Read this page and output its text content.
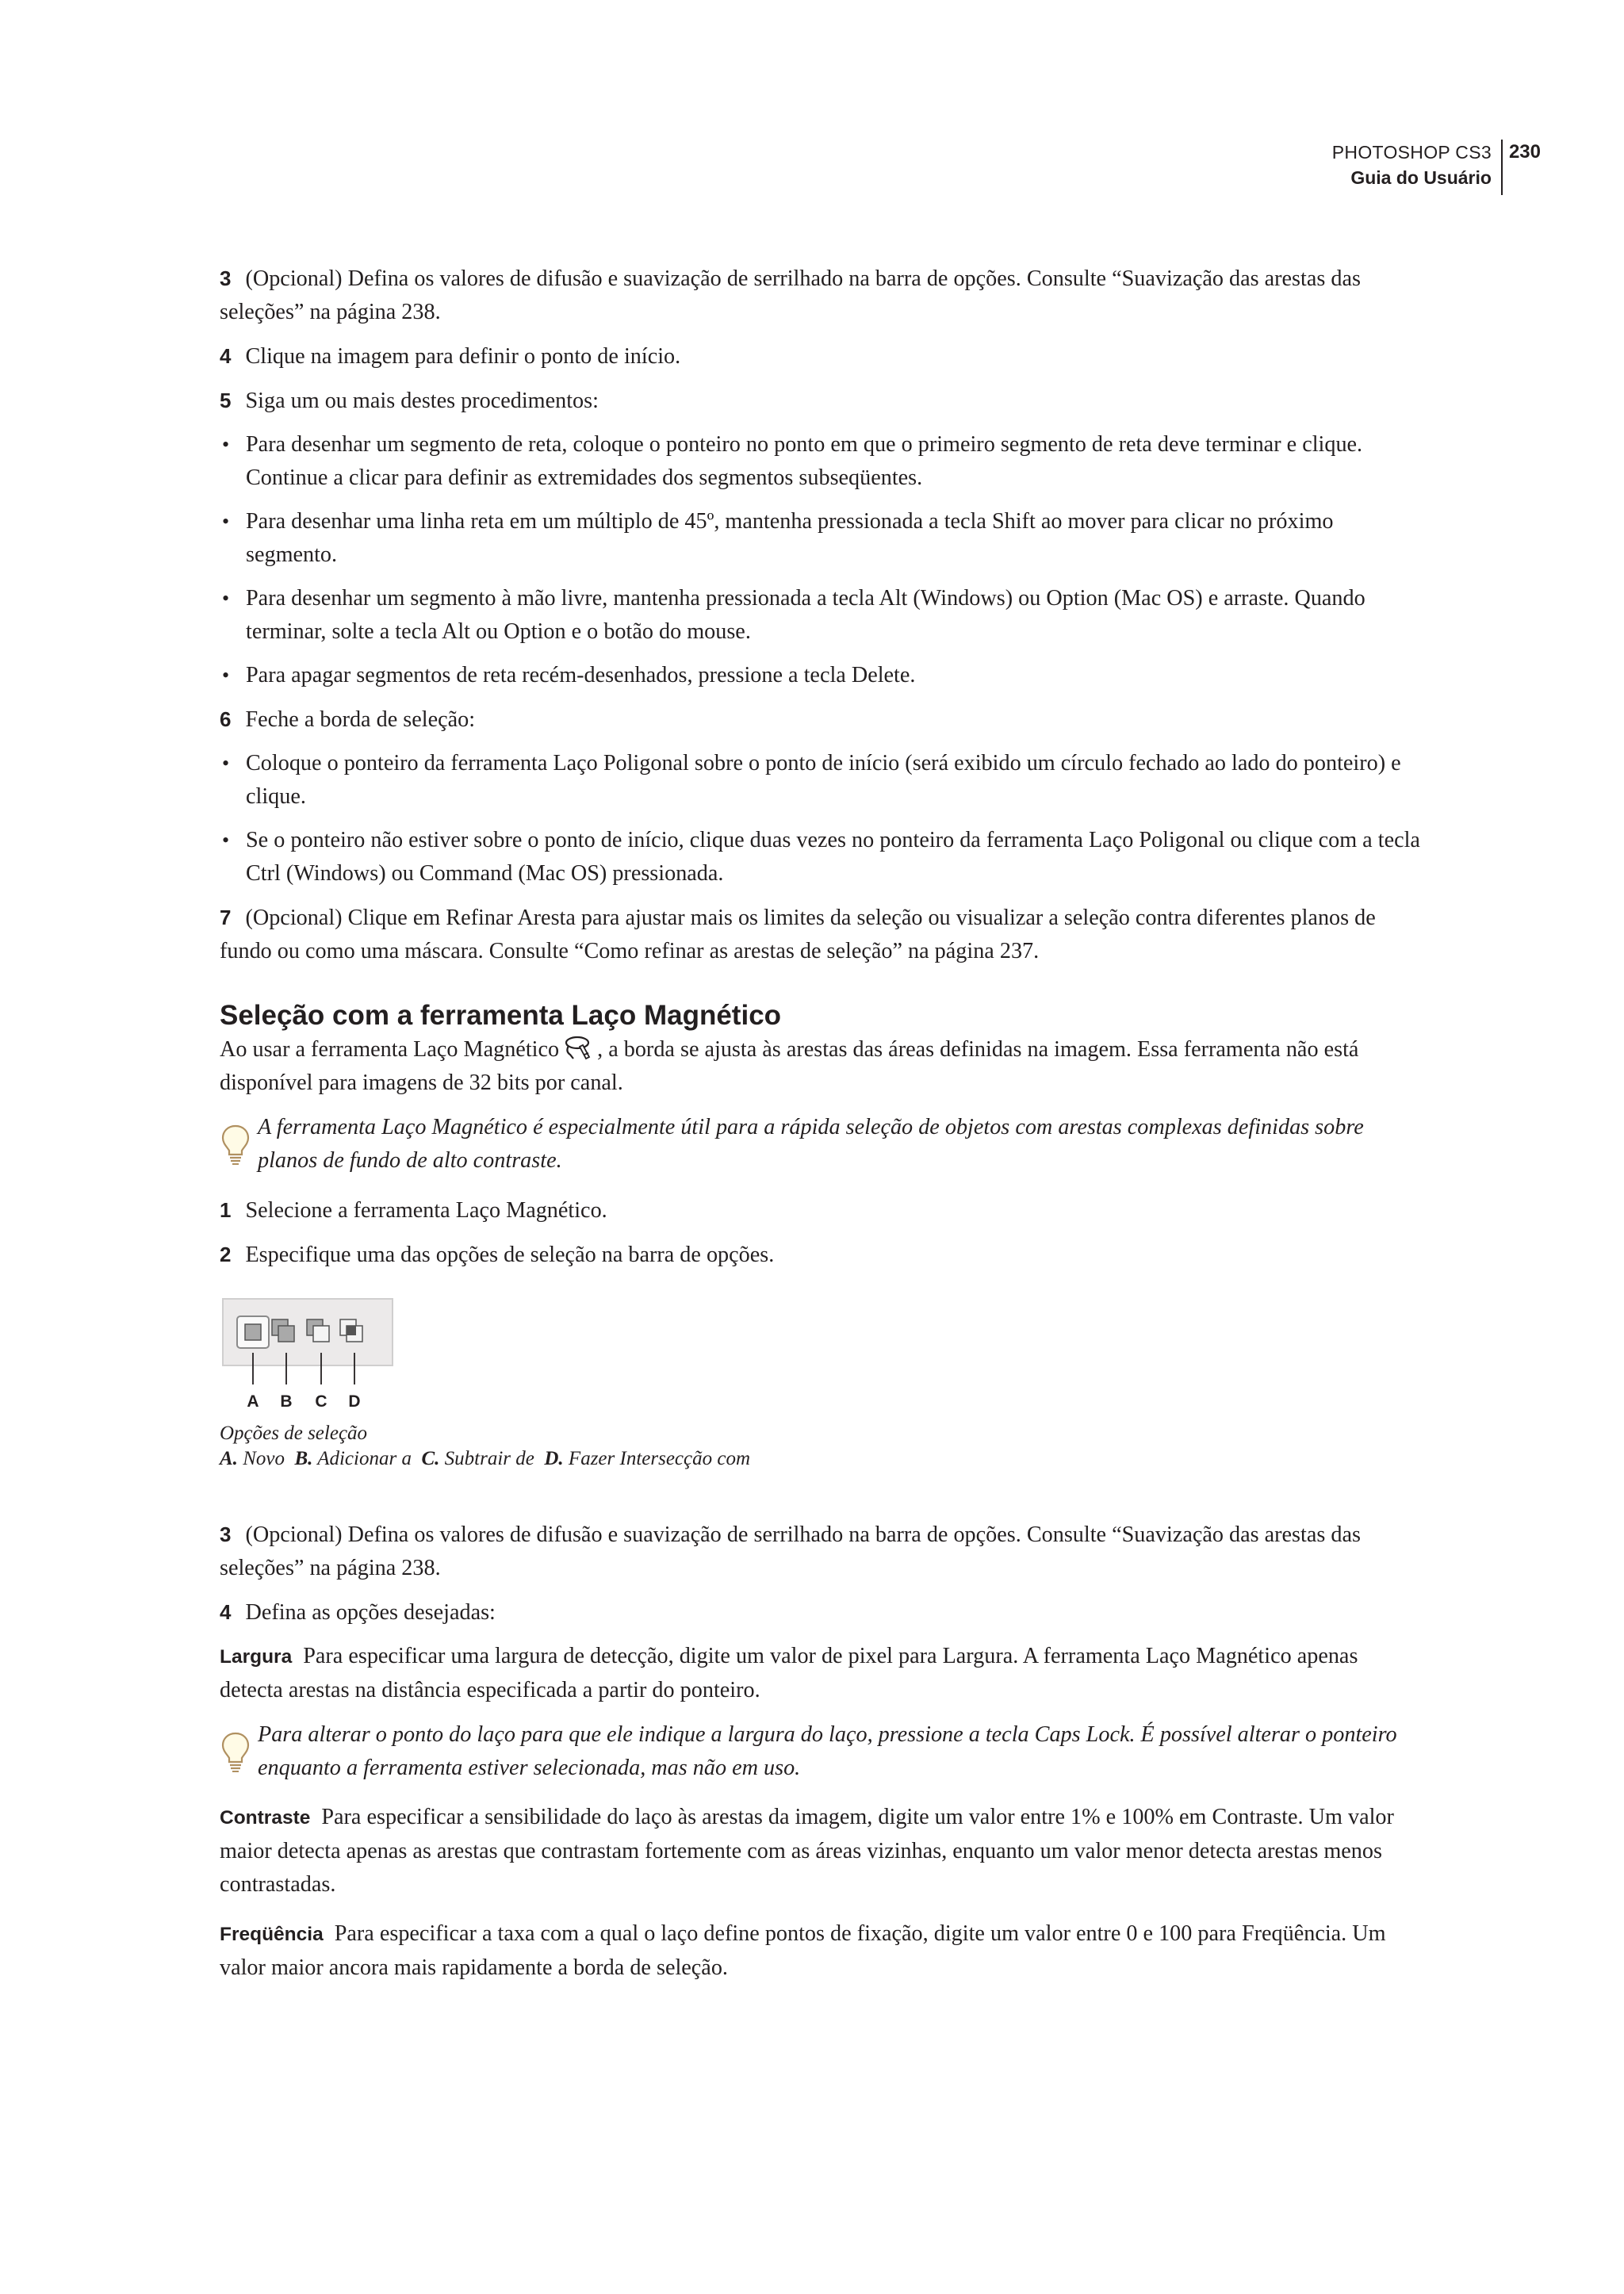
PHOTOSHOP CS3
Guia do Usuário
230

3 (Opcional) Defina os valores de difusão e suavização de serrilhado na barra de opções. Consulte “Suavização das arestas das seleções” na página 238.

4 Clique na imagem para definir o ponto de início.

5 Siga um ou mais destes procedimentos:

• Para desenhar um segmento de reta, coloque o ponteiro no ponto em que o primeiro segmento de reta deve terminar e clique. Continue a clicar para definir as extremidades dos segmentos subseqüentes.
• Para desenhar uma linha reta em um múltiplo de 45º, mantenha pressionada a tecla Shift ao mover para clicar no próximo segmento.
• Para desenhar um segmento à mão livre, mantenha pressionada a tecla Alt (Windows) ou Option (Mac OS) e arraste. Quando terminar, solte a tecla Alt ou Option e o botão do mouse.
• Para apagar segmentos de reta recém-desenhados, pressione a tecla Delete.

6 Feche a borda de seleção:

• Coloque o ponteiro da ferramenta Laço Poligonal sobre o ponto de início (será exibido um círculo fechado ao lado do ponteiro) e clique.
• Se o ponteiro não estiver sobre o ponto de início, clique duas vezes no ponteiro da ferramenta Laço Poligonal ou clique com a tecla Ctrl (Windows) ou Command (Mac OS) pressionada.

7 (Opcional) Clique em Refinar Aresta para ajustar mais os limites da seleção ou visualizar a seleção contra diferentes planos de fundo ou como uma máscara. Consulte “Como refinar as arestas de seleção” na página 237.

Seleção com a ferramenta Laço Magnético

Ao usar a ferramenta Laço Magnético , a borda se ajusta às arestas das áreas definidas na imagem. Essa ferramenta não está disponível para imagens de 32 bits por canal.

A ferramenta Laço Magnético é especialmente útil para a rápida seleção de objetos com arestas complexas definidas sobre planos de fundo de alto contraste.

1 Selecione a ferramenta Laço Magnético.

2 Especifique uma das opções de seleção na barra de opções.

A B C D
Opções de seleção
A. Novo B. Adicionar a C. Subtrair de D. Fazer Intersecção com

3 (Opcional) Defina os valores de difusão e suavização de serrilhado na barra de opções. Consulte “Suavização das arestas das seleções” na página 238.

4 Defina as opções desejadas:

Largura Para especificar uma largura de detecção, digite um valor de pixel para Largura. A ferramenta Laço Magnético apenas detecta arestas na distância especificada a partir do ponteiro.

Para alterar o ponto do laço para que ele indique a largura do laço, pressione a tecla Caps Lock. É possível alterar o ponteiro enquanto a ferramenta estiver selecionada, mas não em uso.

Contraste Para especificar a sensibilidade do laço às arestas da imagem, digite um valor entre 1% e 100% em Contraste. Um valor maior detecta apenas as arestas que contrastam fortemente com as áreas vizinhas, enquanto um valor menor detecta arestas menos contrastadas.

Freqüência Para especificar a taxa com a qual o laço define pontos de fixação, digite um valor entre 0 e 100 para Freqüência. Um valor maior ancora mais rapidamente a borda de seleção.
